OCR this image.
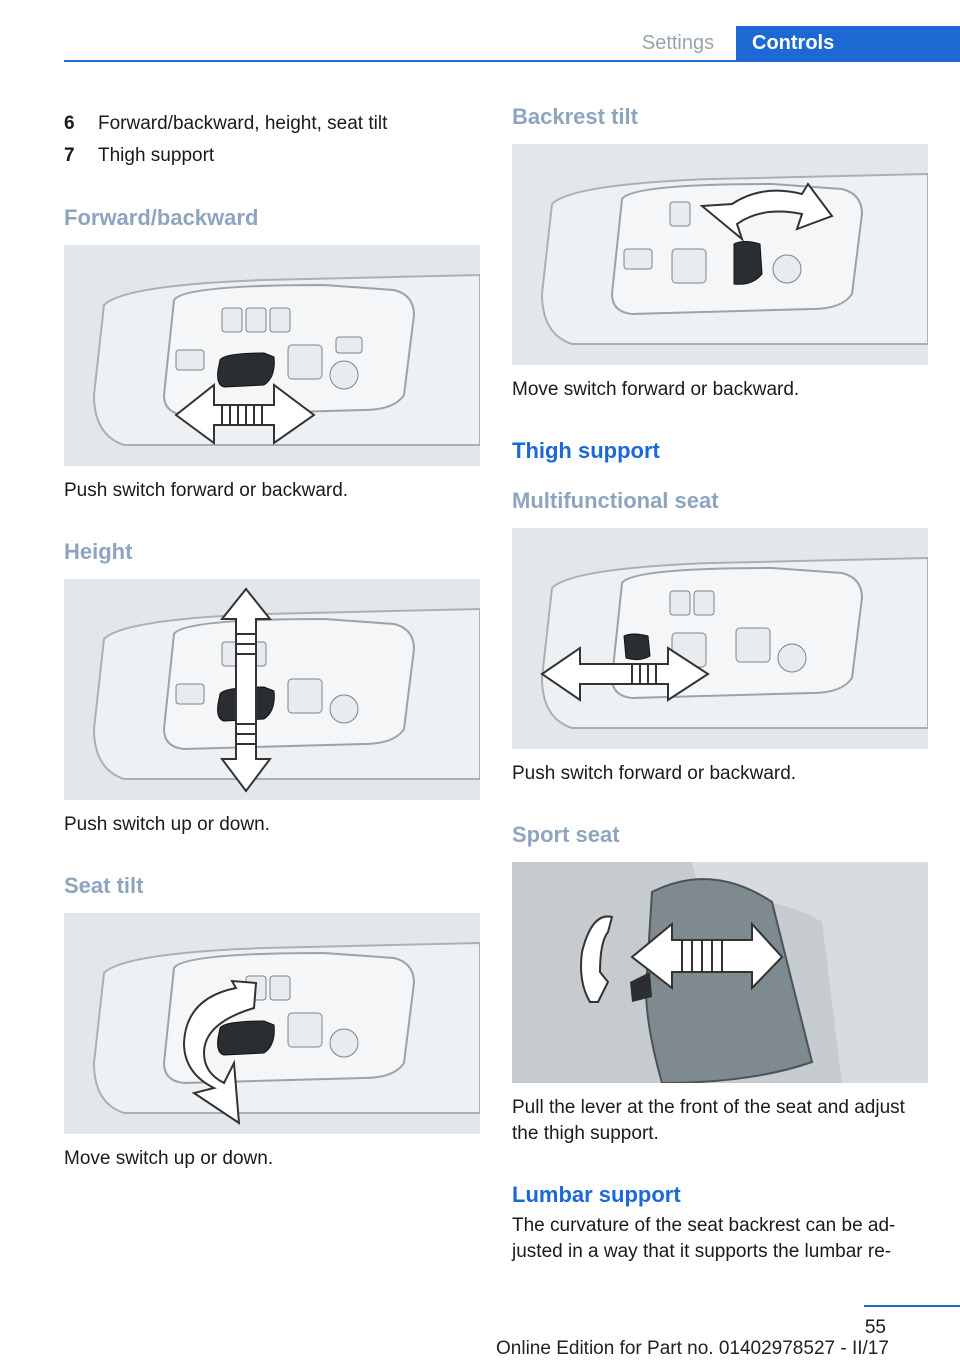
Settings	Controls
6 Forward/backward, height, seat tilt
7 Thigh support
Forward/backward
Push switch forward or backward.
Height
Push switch up or down.
Seat tilt
Move switch up or down.
Backrest tilt
Move switch forward or backward.
Thigh support
Multifunctional seat
Push switch forward or backward.
Sport seat
Pull the lever at the front of the seat and adjust
the thigh support.
Lumbar support
The curvature of the seat backrest can be ad-
justed in a way that it supports the lumbar re-
55
Online Edition for Part no. 01402978527 - II/17
